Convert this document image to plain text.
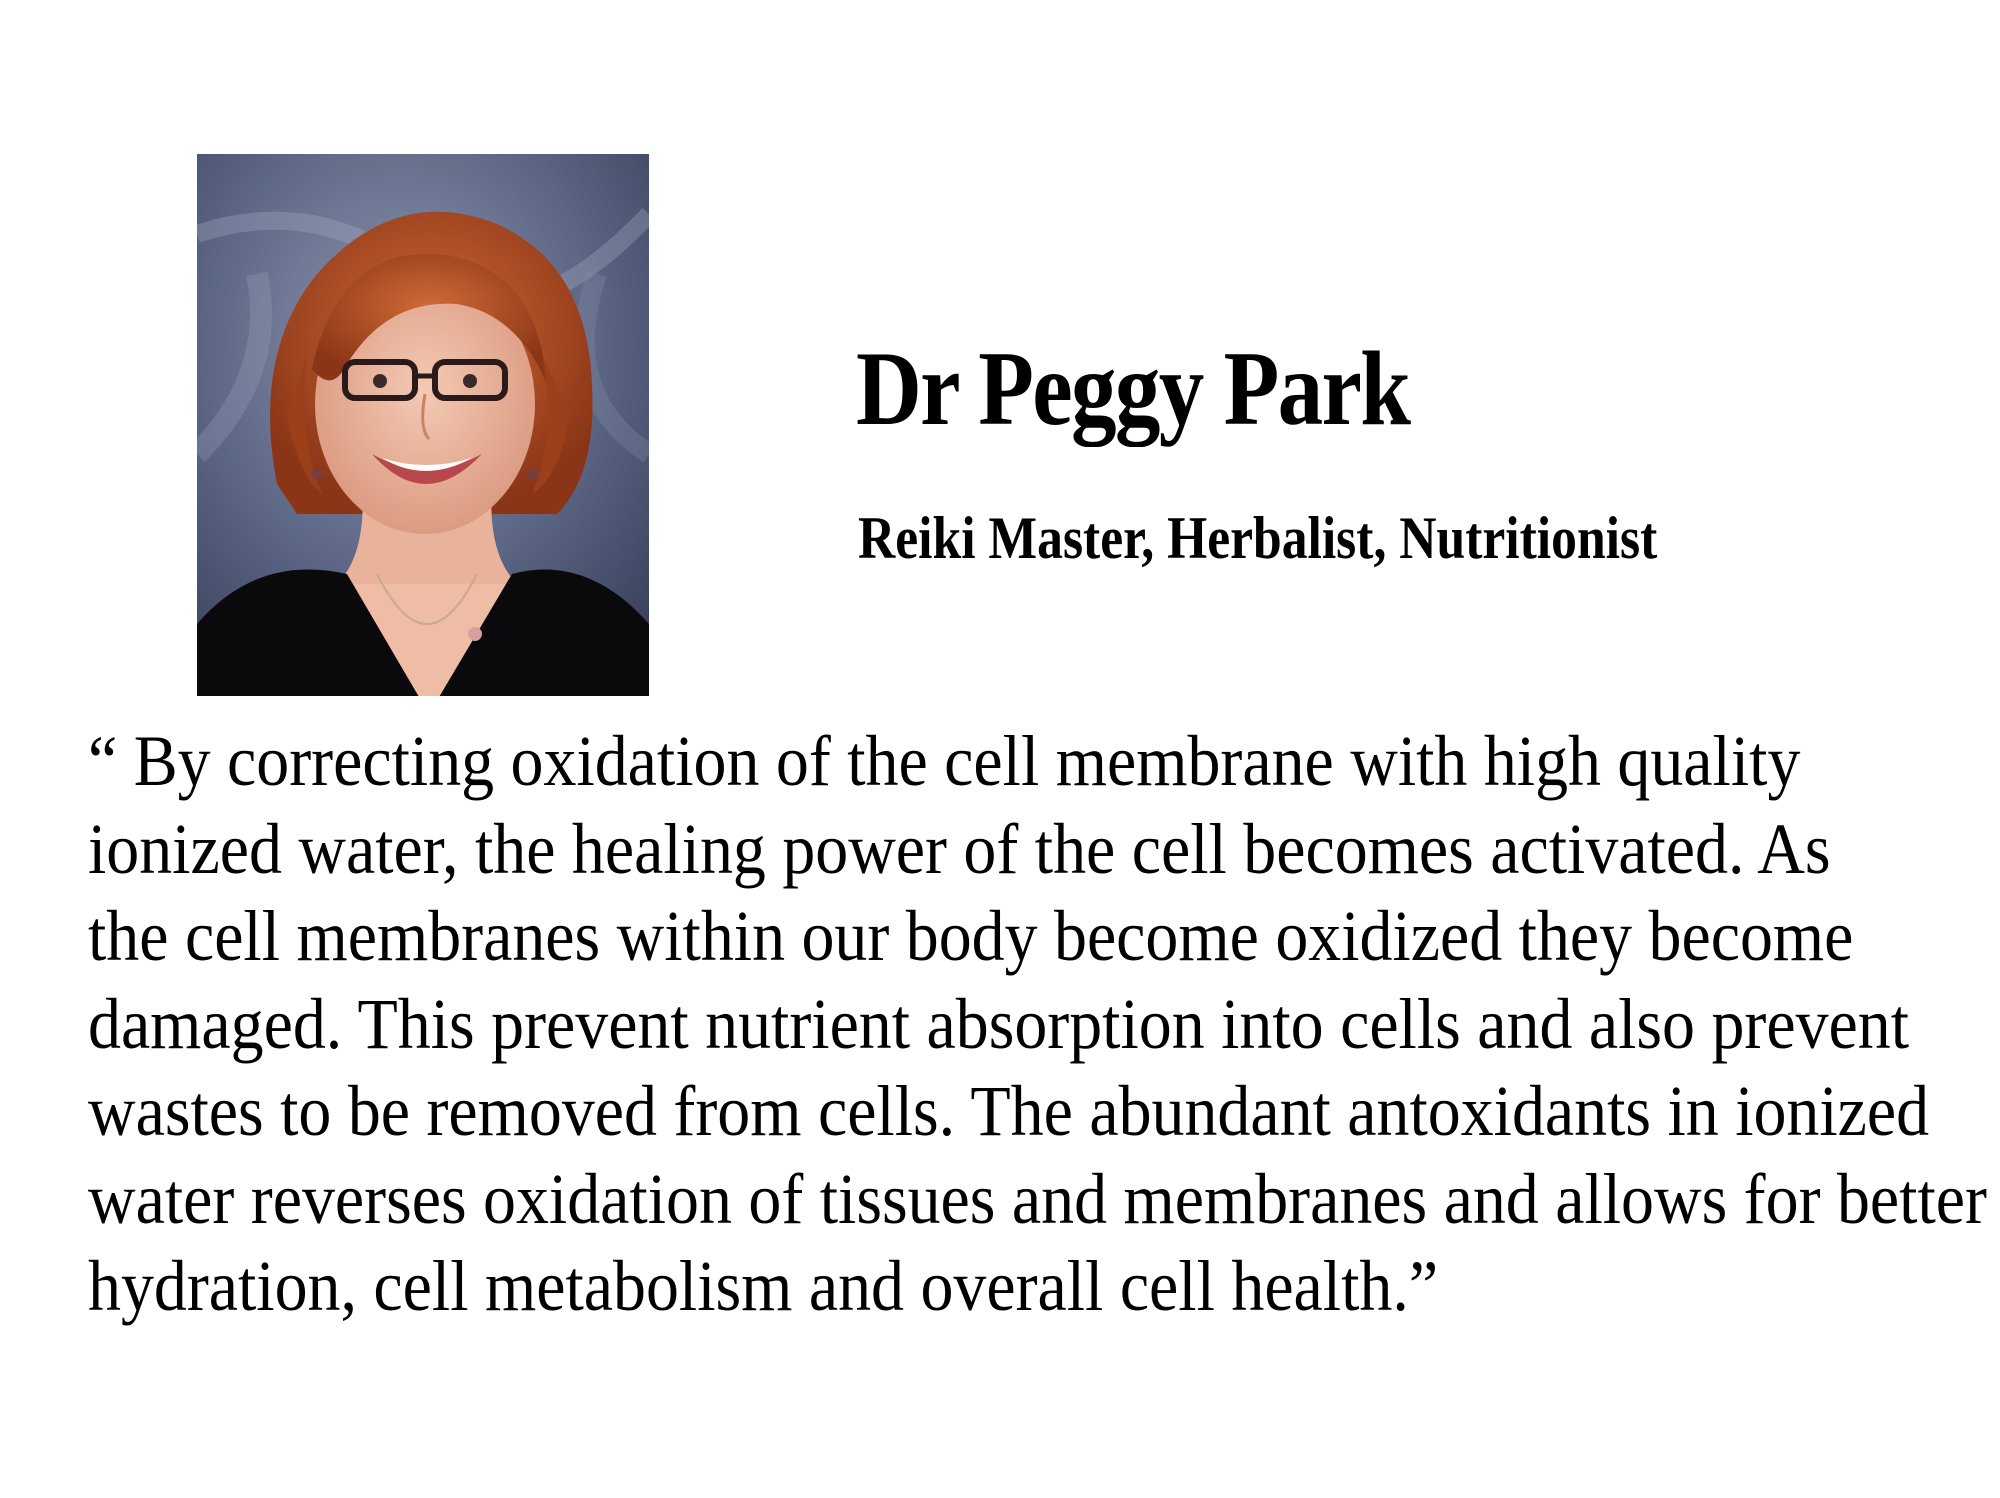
Dr Peggy Park

Reiki Master, Herbalist, Nutritionist

“ By correcting oxidation of the cell membrane with high quality
ionized water, the healing power of the cell becomes activated. As
the cell membranes within our body become oxidized they become
damaged. This prevent nutrient absorption into cells and also prevent
wastes to be removed from cells. The abundant antoxidants in ionized
water reverses oxidation of tissues and membranes and allows for better
hydration, cell metabolism and overall cell health.”
